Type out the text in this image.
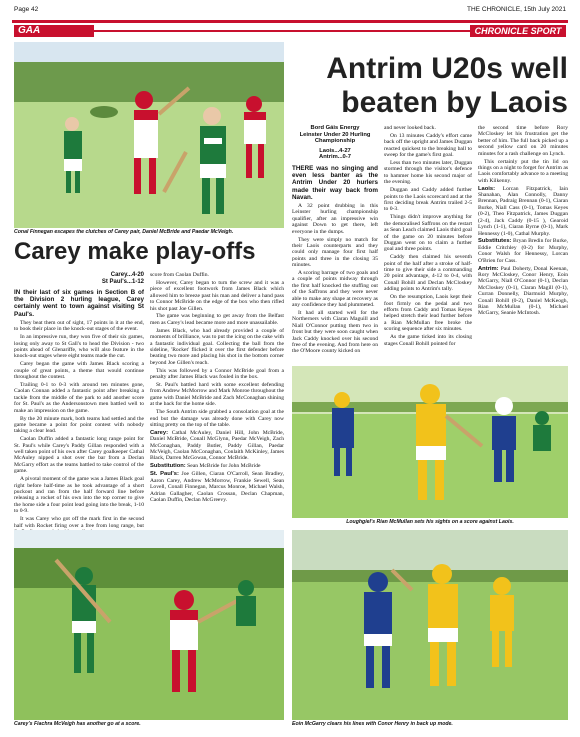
Page 42	THE CHRONICLE, 15th July 2021
GAA	CHRONICLE SPORT
Conal Finnegan escapes the clutches of Carey pair, Daniel McBride and Paedar McVeigh.
Antrim U20s well
beaten by Laois
Bord Gáis Energy
Leinster Under 20 Hurling
Championship
Laois...4-27
Antrim...0-7
THERE was no singing and even less banter as the Antrim Under 20 hurlers made their way back from Navan.

A 32 point drubbing in this Leinster hurling championship qualifier, after an impressive win against Down to get there, left everyone in the dumps.

They were simply no match for their Laois counterparts and they could only manage four first half points and three in the closing 35 minutes.

A scoring barrage of two goals and a couple of points midway through the first half knocked the stuffing out of the Saffrons and they were never able to make any shape at recovery as any confidence they had plummeted.

It had all started well for the Northerners with Ciaran Maguill and Niall O'Connor putting them two in front but they were soon caught when Jack Caddy knocked over his second free of the evening. And from here on the O'Moore county kicked on

and never looked back.

On 13 minutes Caddy's effort came back off the upright and James Duggan reacted quickest to the breaking ball to sweep for the game's first goal.

Less than two minutes later, Duggan stormed through the visitor's defence to hammer home his second major of the evening.

Duggan and Caddy added further points to the Laois scorecard and at the first deciding break Antrim trailed 2-5 to 0-3.

Things didn't improve anything for the demoralised Saffrons on the restart as Sean Leach claimed Laois third goal of the game on 20 minutes before Duggan went on to claim a further goal and three points.

Caddy then claimed his seventh point of the half after a stroke of half-time to give their side a commanding 20 point advantage, 4-12 to 0-4, with Conall Bohill and Declan McCloskey adding points to Antrim's tally.

On the resumption, Laois kept their foot firmly on the pedal and two efforts from Caddy and Tomas Keyes helped stretch their lead further before a Rian McMullan free broke the scoring sequence after six minutes.

As the game ticked into its closing stages Conall Bohill pointed for

the second time before Rory McCloskey let his frustration get the better of him. The full back picked up a second yellow card on 20 minutes minutes for a rash challenge on Lynch.

This certainly put the tin lid on things on a night to forget for Antrim as Laois comfortably advance to a meeting with Kilkenny.

Laois: Lorcan Fitzpatrick, Iain Shanahan, Alan Connolly, Danny Brennan, Padraig Brennan (0-1), Ciaran Burke, Niall Cass (0-1), Tomas Keyes (0-2), Theo Fitzpatrick, James Duggan (2-4), Jack Caddy (0-15 ), Gearoid Lynch (1-1), Ciaran Byrne (0-1), Mark Hennessy (1-0), Cathal Murphy.

Substitutes: Bryan Bredin for Burke, Eddie Critchley (0-2) for Murphy, Conor Walsh for Hennessy, Lorcan O'Brien for Cass.

Antrim: Paul Doherty, Donal Keenan, Rory McCloskey, Conor Henry, Eoin McGarry, Niall O'Connor (0-1), Declan McCloskey (0-1), Ciaran Magill (0-1), Curran Donnelly, Diarmuid Murphy, Conall Bohill (0-2), Daniel McKeogh, Rian McMullan (0-1), Michael McGarry, Seanie McIntosh.

Carey make play-offs
Carey...4-20
St Paul's...1-12
IN their last of six games in Section B of the Division 2 hurling league, Carey certainly went to town against visiting St Paul's.

They beat them out of sight, 17 points in it at the end, to book their place in the knock-out stages of the event.

In an impressive run, they won five of their six games, losing only away to St Gall's to head the Division - two points ahead of Glenariffe, who will also feature in the knock-out stages where eight teams made the cut.

Carey began the game with James Black scoring a couple of great points, a theme that would continue throughout the contest.

Trailing 0-1 to 0-3 with around ten minutes gone, Caolan Connan added a fantastic point after breaking a tackle from the middle of the park to add another score for St. Paul's as the Andersonstown men battled well to make an impression on the game.

By the 20 minute mark, both teams had settled and the game became a point for point contest with nobody taking a clear lead.

Caolan Duffin added a fantastic long range point for St. Paul's while Carey's Paddy Gillan responded with a well taken point of his own after Carey goalkeeper Cathal McAuley nipped a shot over the bar from a Declan McGarry effort as the teams battled to take control of the game.

A pivotal moment of the game was a James Black goal right before half-time as he took advantage of a short puckout and ran from the half forward line before releasing a rocket of his own into the top corner to give the home side a four point lead going into the break, 1-10 to 0-9.

It was Carey who got off the mark first in the second half with Rocket firing over a free from long range, but

score from Caolan Duffin.

However, Carey began to turn the screw and it was a piece of excellent footwork from James Black which allowed him to breeze past his man and deliver a hand pass to Connor McBride on the edge of the box who then rifled his shot past Joe Gillen.

The game was beginning to get away from the Belfast men as Carey's lead became more and more unassailable.

James Black, who had already provided a couple of moments of brilliance, was to put the icing on the cake with a fantastic individual goal. Collecting the ball from the sideline, 'Rocket' flicked it over the first defender before beating two more and placing his shot in the bottom corner beyond Joe Gillen's reach.

This was followed by a Connor McBride goal from a penalty after James Black was fouled in the box.

St. Paul's battled hard with some excellent defending from Andrew McMorrow and Mark Monroe throughout the game with Daniel McBride and Zach McConaghan shining at the back for the home side.

The South Antrim side grabbed a consolation goal at the end but the damage was already done with Carey now sitting pretty on the top of the table.

Carey: Cathal McAuley, Daniel Hill, John McBride, Daniel McBride, Conall McGlynn, Paedar McVeigh, Zach McConaghan, Paddy Butler, Paddy Gillan, Paedar McVeigh, Caolan McConaghan, Conlaith McKinley, James Black, Darren McGowan, Connor McBride.

Substitution: Sean McBride for John McBride

St. Paul's: Joe Gillen, Ciaran O'Carroll, Sean Bradley, Aaron Carey, Andrew McMorrow, Frankie Sewell, Sean Lovell, Conall Finnegan, Marcus Monroe, Michael Walsh, Adrian Gallagher, Caolan Crossan, Declan Chapman, Caolan Duffin, Declan McGreevy.

Loughgiel's Rian McMullan sets his sights on a score against Laois.
Carey's Fiachra McVeigh has another go at a score.	Eoin McGarry clears his lines with Conor Henry in back up mode.
